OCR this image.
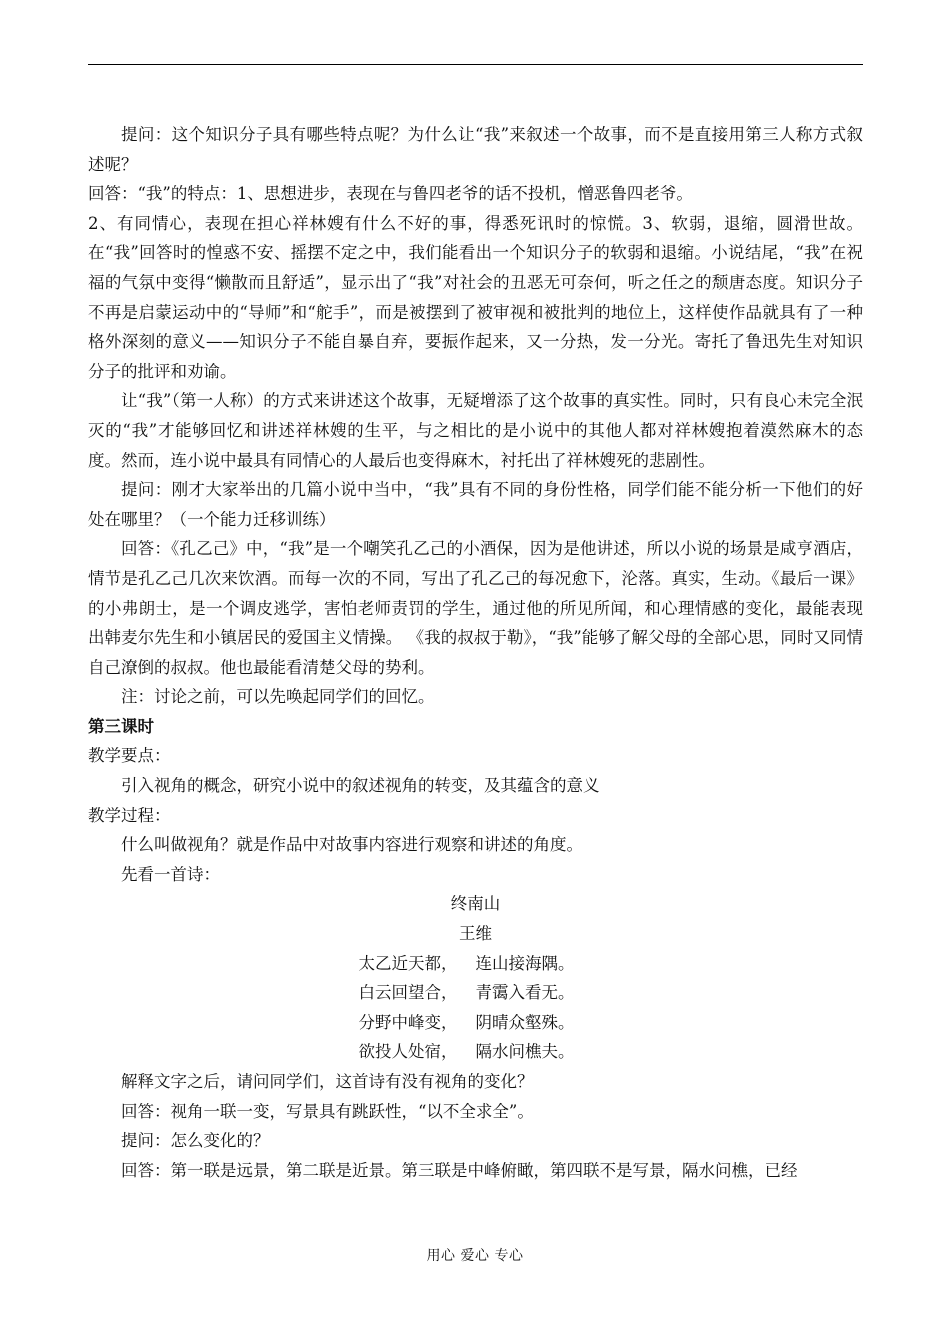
提问：这个知识分子具有哪些特点呢？为什么让“我”来叙述一个故事，而不是直接用第三人称方式叙述呢？

回答：“我”的特点：1、思想进步，表现在与鲁四老爷的话不投机，憎恶鲁四老爷。

2、有同情心，表现在担心祥林嫂有什么不好的事，得悉死讯时的惊慌。3、软弱，退缩，圆滑世故。在“我”回答时的惶惑不安、摇摆不定之中，我们能看出一个知识分子的软弱和退缩。小说结尾，“我”在祝福的气氛中变得“懒散而且舒适”，显示出了“我”对社会的丑恶无可奈何，听之任之的颓唐态度。知识分子不再是启蒙运动中的“导师”和“舵手”，而是被摆到了被审视和被批判的地位上，这样使作品就具有了一种格外深刻的意义——知识分子不能自暴自弃，要振作起来，又一分热，发一分光。寄托了鲁迅先生对知识分子的批评和劝谕。

让“我”（第一人称）的方式来讲述这个故事，无疑增添了这个故事的真实性。同时，只有良心未完全泯灭的“我”才能够回忆和讲述祥林嫂的生平，与之相比的是小说中的其他人都对祥林嫂抱着漠然麻木的态度。然而，连小说中最具有同情心的人最后也变得麻木，衬托出了祥林嫂死的悲剧性。

提问：刚才大家举出的几篇小说中当中，“我”具有不同的身份性格，同学们能不能分析一下他们的好处在哪里？（一个能力迁移训练）

回答：《孔乙己》中，“我”是一个嘲笑孔乙己的小酒保，因为是他讲述，所以小说的场景是咸亨酒店，情节是孔乙己几次来饮酒。而每一次的不同，写出了孔乙己的每况愈下，沦落。真实，生动。《最后一课》的小弗朗士，是一个调皮逃学，害怕老师责罚的学生，通过他的所见所闻，和心理情感的变化，最能表现出韩麦尔先生和小镇居民的爱国主义情操。 《我的叔叔于勒》，“我”能够了解父母的全部心思，同时又同情自己潦倒的叔叔。他也最能看清楚父母的势利。

注：讨论之前，可以先唤起同学们的回忆。

第三课时

教学要点：

引入视角的概念，研究小说中的叙述视角的转变，及其蕴含的意义

教学过程：

什么叫做视角？就是作品中对故事内容进行观察和讲述的角度。

先看一首诗：

终南山
王维
太乙近天都， 连山接海隅。
白云回望合， 青霭入看无。
分野中峰变， 阴晴众壑殊。
欲投人处宿， 隔水问樵夫。

解释文字之后，请问同学们，这首诗有没有视角的变化？

回答：视角一联一变，写景具有跳跃性，“以不全求全”。

提问：怎么变化的？

回答：第一联是远景，第二联是近景。第三联是中峰俯瞰，第四联不是写景，隔水问樵，已经

用心 爱心 专心
